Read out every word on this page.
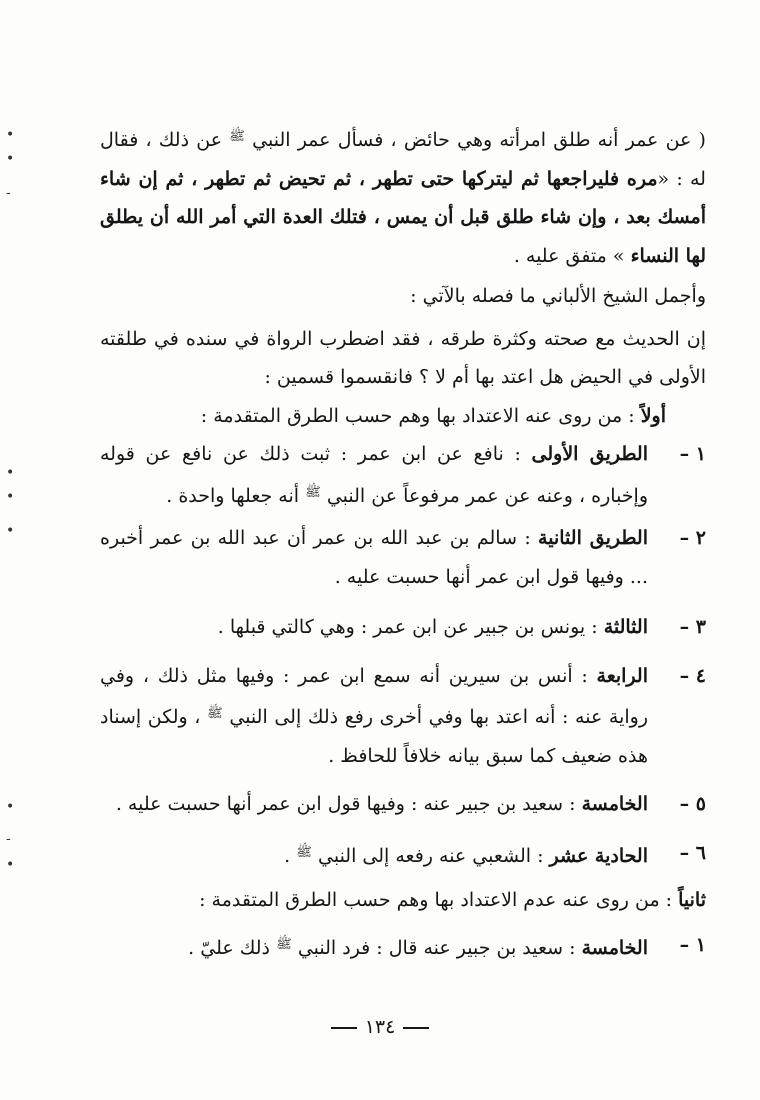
( عن عمر أنه طلق امرأته وهي حائض ، فسأل عمر النبي $^ﷺ$ عن ذلك ، فقال له : «مره فليراجعها ثم ليتركها حتى تطهر ، ثم تحيض ثم تطهر ، ثم إن شاء أمسك بعد ، وإن شاء طلق قبل أن يمس ، فتلك العدة التي أمر الله أن يطلق لها النساء » متفق عليه .

وأجمل الشيخ الألباني ما فصله بالآتي :

إن الحديث مع صحته وكثرة طرقه ، فقد اضطرب الرواة في سنده في طلقته الأولى في الحيض هل اعتد بها أم لا ؟ فانقسموا قسمين :

أولاً : من روى عنه الاعتداد بها وهم حسب الطرق المتقدمة :

١ –
الطريق الأولى : نافع عن ابن عمر : ثبت ذلك عن نافع عن قوله وإخباره ، وعنه عن عمر مرفوعاً عن النبي $^ﷺ$ أنه جعلها واحدة .
٢ –
الطريق الثانية : سالم بن عبد الله بن عمر أن عبد الله بن عمر أخبره ... وفيها قول ابن عمر أنها حسبت عليه .
٣ –
الثالثة : يونس بن جبير عن ابن عمر : وهي كالتي قبلها .
٤ –
الرابعة : أنس بن سيرين أنه سمع ابن عمر : وفيها مثل ذلك ، وفي رواية عنه : أنه اعتد بها وفي أخرى رفع ذلك إلى النبي $^ﷺ$ ، ولكن إسناد هذه ضعيف كما سبق بيانه خلافاً للحافظ .
٥ –
الخامسة : سعيد بن جبير عنه : وفيها قول ابن عمر أنها حسبت عليه .
٦ –
الحادية عشر : الشعبي عنه رفعه إلى النبي $^ﷺ$ .

ثانياً : من روى عنه عدم الاعتداد بها وهم حسب الطرق المتقدمة :

١ –
الخامسة : سعيد بن جبير عنه قال : فرد النبي $^ﷺ$ ذلك عليّ .
١٣٤
•
•
-
•
•
•
•
-
•
